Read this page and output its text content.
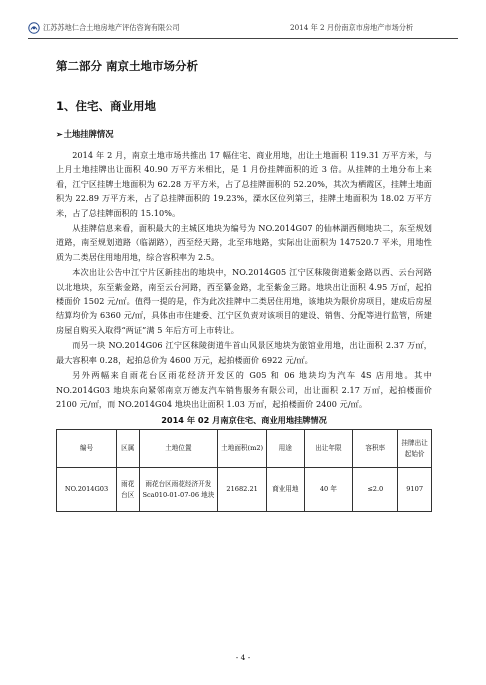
江苏苏地仁合土地房地产评估咨询有限公司	2014 年 2 月份南京市房地产市场分析
第二部分 南京土地市场分析
1、住宅、商业用地
➢ 土地挂牌情况

2014 年 2 月，南京土地市场共推出 17 幅住宅、商业用地，出让土地面积 119.31 万平方米，与上月土地挂牌出让面积 40.90 万平方米相比，是 1 月份挂牌面积的近 3 倍。从挂牌的土地分布上来看，江宁区挂牌土地面积为 62.28 万平方米，占了总挂牌面积的 52.20%，其次为栖霞区，挂牌土地面积为 22.89 万平方米，占了总挂牌面积的 19.23%，溧水区位列第三，挂牌土地面积为 18.02 万平方米，占了总挂牌面积的 15.10%。

从挂牌信息来看，面积最大的主城区地块为编号为 NO.2014G07 的仙林湖西侧地块二，东至规划道路，南至规划道路（临湖路），西至经天路，北至玮地路，实际出让面积为 147520.7 平米，用地性质为二类居住用地用地，综合容积率为 2.5。

本次出让公告中江宁片区新挂出的地块中，NO.2014G05 江宁区秣陵街道紫金路以西、云台河路以北地块，东至紫金路，南至云台河路，西至纂金路，北至紫金三路。地块出让面积 4.95 万㎡，起拍楼面价 1502 元/㎡。值得一提的是，作为此次挂牌中二类居住用地，该地块为限价房项目，建成后房屋结算均价为 6360 元/㎡，具体由市住建委、江宁区负责对该项目的建设、销售、分配等进行监管，所建房屋自购买入取得“两证”满 5 年后方可上市转让。

而另一块 NO.2014G06 江宁区秣陵街道牛首山风景区地块为旅馆业用地，出让面积 2.37 万㎡，最大容积率 0.28，起拍总价为 4600 万元，起拍楼面价 6922 元/㎡。

另外两幅来自雨花台区雨花经济开发区的 G05 和 06 地块均为汽车 4S 店用地。其中 NO.2014G03 地块东向紧邻南京万德友汽车销售服务有限公司，出让面积 2.17 万㎡，起拍楼面价 2100 元/㎡，而 NO.2014G04 地块出让面积 1.03 万㎡，起拍楼面价 2400 元/㎡。

2014 年 02 月南京住宅、商业用地挂牌情况
编号	区属	土地位置	土地面积(m2)	用途	出让年限	容积率	挂牌出让起始价
NO.2014G03	雨花台区	雨花台区雨花经济开发 Sca010-01-07-06 地块	21682.21	商业用地	40 年	≤2.0	9107
- 4 -
